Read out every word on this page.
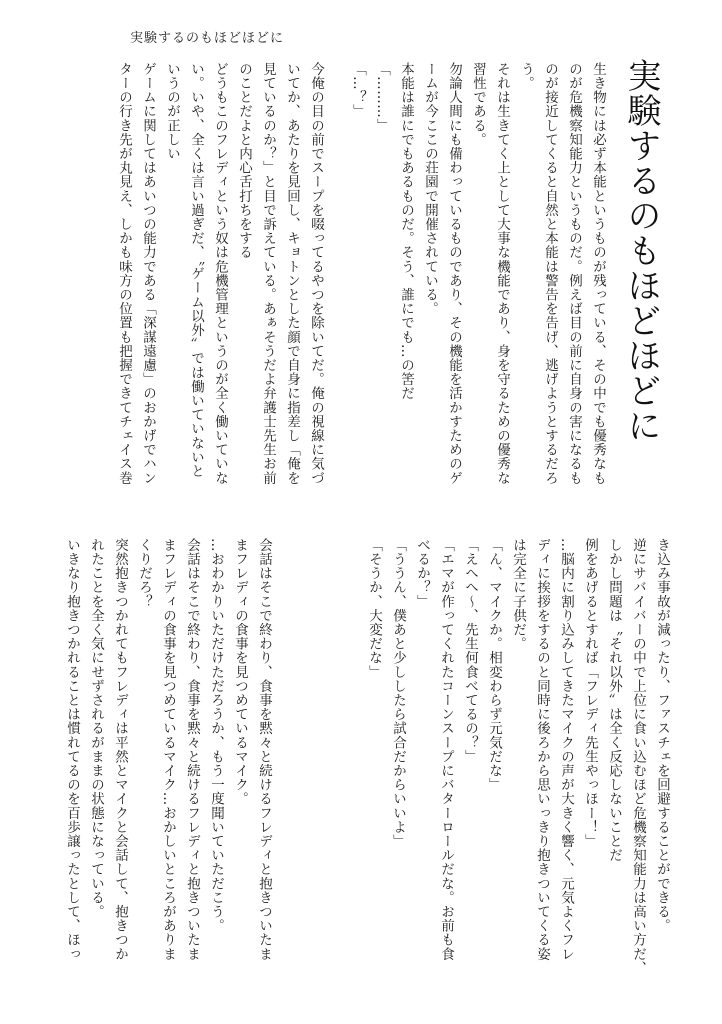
実験するのもほどほどに
実験するのもほどほどに

生き物には必ず本能というものが残っている、その中でも優秀なも

のが危機察知能力というものだ。例えば目の前に自身の害になるも

のが接近してくると自然と本能は警告を告げ、逃げようとするだろ

う。

それは生きてく上として大事な機能であり、身を守るための優秀な

習性である。

勿論人間にも備わっているものであり、その機能を活かすためのゲ

ームが今ここの荘園で開催されている。

本能は誰にでもあるものだ。そう、誰にでも…の筈だ

「………」

「…？」

今俺の目の前でスープを啜ってるやつを除いてだ。俺の視線に気づ

いてか、あたりを見回し、キョトンとした顔で自身に指差し「俺を

見ているのか？」と目で訴えている。あぁそうだよ弁護士先生お前

のことだよと内心舌打ちをする

どうもこのフレディという奴は危機管理というのが全く働いていな

い。いや、全くは言い過ぎだ、〝ゲーム以外〟では働いていないと

いうのが正しい

ゲームに関してはあいつの能力である「深謀遠慮」のおかげでハン

ターの行き先が丸見え、しかも味方の位置も把握できてチェイス巻

き込み事故が減ったり、ファスチェを回避することができる。

逆にサバイバーの中で上位に食い込むほど危機察知能力は高い方だ、

しかし問題は〝それ以外〟は全く反応しないことだ

例をあげるとすれば「フレディ先生やっほー！」

…脳内に割り込みしてきたマイクの声が大きく響く、元気よくフレ

ディに挨拶をするのと同時に後ろから思いっきり抱きついてくる姿

は完全に子供だ。

「ん、マイクか。相変わらず元気だな」

「えへへ〜、先生何食べてるの？」

「エマが作ってくれたコーンスープにバターロールだな。お前も食

べるか？」

「ううん、僕あと少ししたら試合だからいいよ」

「そうか、大変だな」

会話はそこで終わり、食事を黙々と続けるフレディと抱きついたま

まフレディの食事を見つめているマイク。

…おわかりいただけただろうか、もう一度聞いていただこう。

会話はそこで終わり、食事を黙々と続けるフレディと抱きついたま

まフレディの食事を見つめているマイク…おかしいところがありま

くりだろ？

突然抱きつかれてもフレディは平然とマイクと会話して、抱きつか

れたことを全く気にせずされるがままの状態になっている。

いきなり抱きつかれることは慣れてるのを百歩譲ったとして、ほっ
